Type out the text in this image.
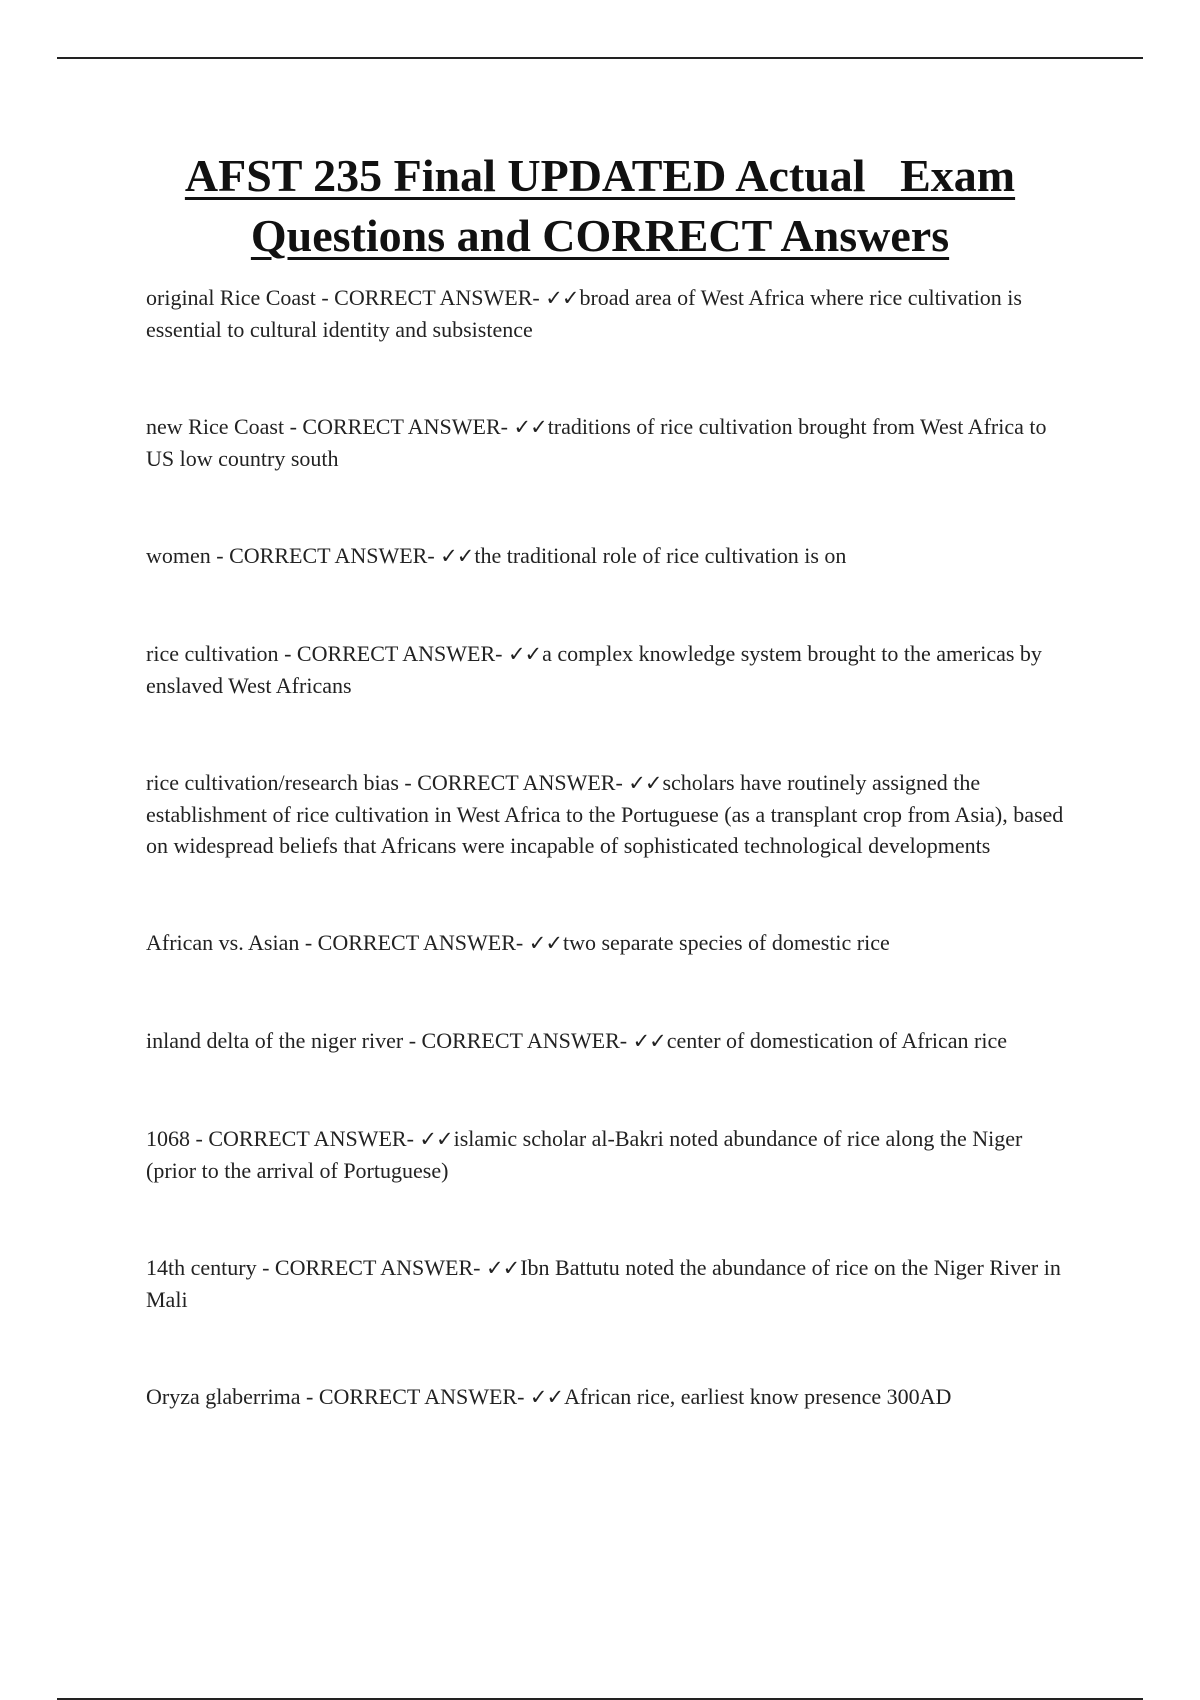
AFST 235 Final UPDATED Actual   Exam
Questions and CORRECT Answers

original Rice Coast - CORRECT ANSWER- ✓✓broad area of West Africa where rice cultivation is essential to cultural identity and subsistence

new Rice Coast - CORRECT ANSWER- ✓✓traditions of rice cultivation brought from West Africa to US low country south

women - CORRECT ANSWER- ✓✓the traditional role of rice cultivation is on

rice cultivation - CORRECT ANSWER- ✓✓a complex knowledge system brought to the americas by enslaved West Africans

rice cultivation/research bias - CORRECT ANSWER- ✓✓scholars have routinely assigned the establishment of rice cultivation in West Africa to the Portuguese (as a transplant crop from Asia), based on widespread beliefs that Africans were incapable of sophisticated technological developments

African vs. Asian - CORRECT ANSWER- ✓✓two separate species of domestic rice

inland delta of the niger river - CORRECT ANSWER- ✓✓center of domestication of African rice

1068 - CORRECT ANSWER- ✓✓islamic scholar al-Bakri noted abundance of rice along the Niger (prior to the arrival of Portuguese)

14th century - CORRECT ANSWER- ✓✓Ibn Battutu noted the abundance of rice on the Niger River in Mali

Oryza glaberrima - CORRECT ANSWER- ✓✓African rice, earliest know presence 300AD
